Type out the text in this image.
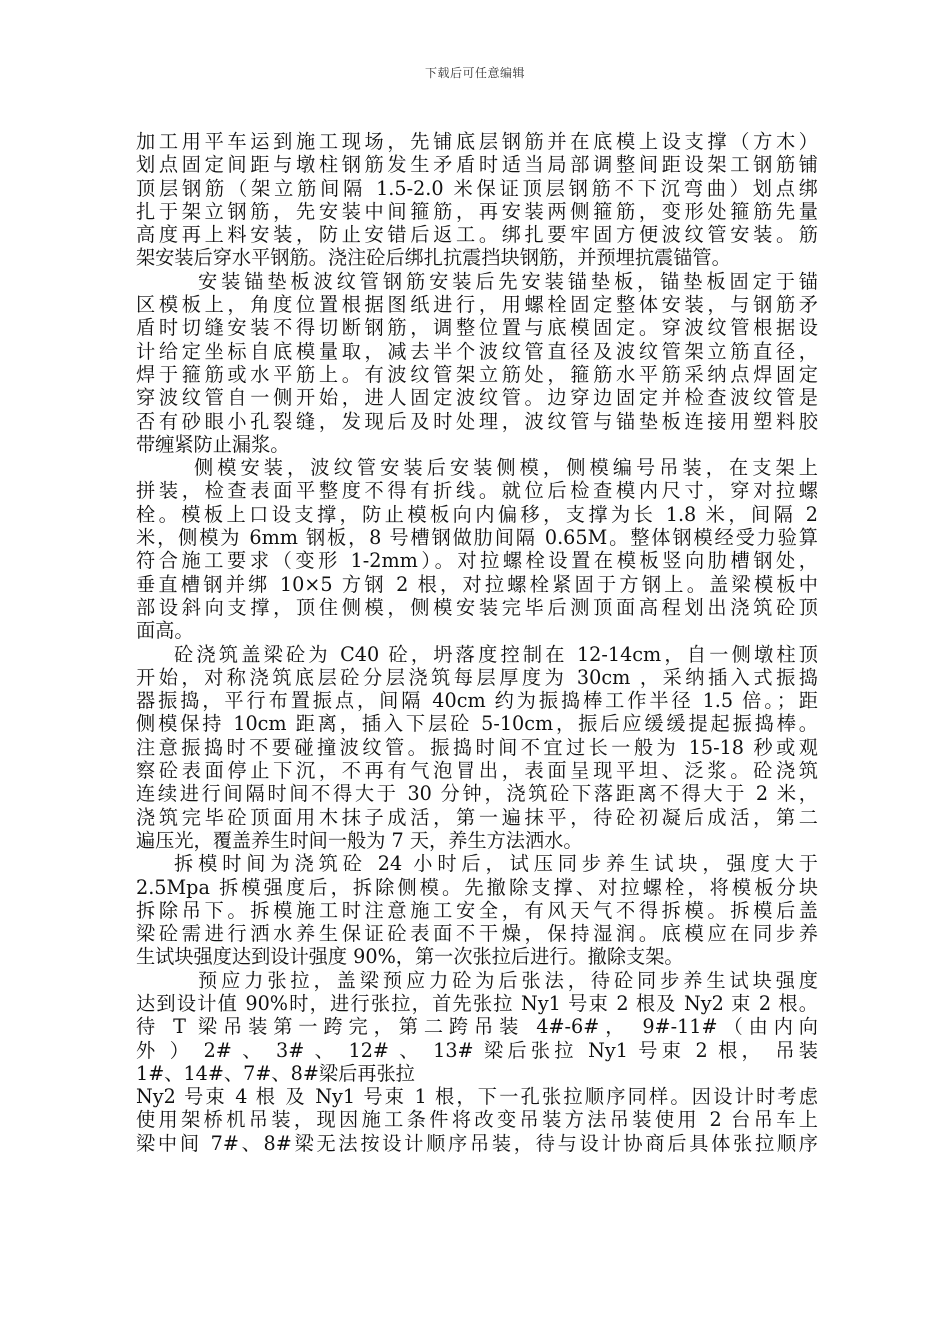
下载后可任意编辑
加工用平车运到施工现场，先铺底层钢筋并在底模上设支撑（方木）
划点固定间距与墩柱钢筋发生矛盾时适当局部调整间距设架工钢筋铺
顶层钢筋（架立筋间隔 1.5-2.0 米保证顶层钢筋不下沉弯曲）划点绑
扎于架立钢筋，先安装中间箍筋，再安装两侧箍筋，变形处箍筋先量
高度再上料安装，防止安错后返工。绑扎要牢固方便波纹管安装。筋
架安装后穿水平钢筋。浇注砼后绑扎抗震挡块钢筋，并预埋抗震锚管。
安装锚垫板波纹管钢筋安装后先安装锚垫板，锚垫板固定于锚
区模板上，角度位置根据图纸进行，用螺栓固定整体安装，与钢筋矛
盾时切缝安装不得切断钢筋，调整位置与底模固定。穿波纹管根据设
计给定坐标自底模量取，减去半个波纹管直径及波纹管架立筋直径，
焊于箍筋或水平筋上。有波纹管架立筋处，箍筋水平筋采纳点焊固定
穿波纹管自一侧开始，进人固定波纹管。边穿边固定并检查波纹管是
否有砂眼小孔裂缝，发现后及时处理，波纹管与锚垫板连接用塑料胶
带缠紧防止漏浆。
侧模安装，波纹管安装后安装侧模，侧模编号吊装，在支架上
拼装，检查表面平整度不得有折线。就位后检查模内尺寸，穿对拉螺
栓。模板上口设支撑，防止模板向内偏移，支撑为长 1.8 米，间隔 2
米，侧模为 6mm 钢板，8 号槽钢做肋间隔 0.65M。整体钢模经受力验算
符合施工要求（变形 1-2mm）。对拉螺栓设置在模板竖向肋槽钢处，
垂直槽钢并绑 10×5 方钢 2 根，对拉螺栓紧固于方钢上。盖梁模板中
部设斜向支撑，顶住侧模，侧模安装完毕后测顶面高程划出浇筑砼顶
面高。
砼浇筑盖梁砼为 C40 砼，坍落度控制在 12-14cm，自一侧墩柱顶
开始，对称浇筑底层砼分层浇筑每层厚度为 30cm ，采纳插入式振捣
器振捣，平行布置振点，间隔 40cm 约为振捣棒工作半径 1.5 倍。；距
侧模保持 10cm 距离，插入下层砼 5-10cm，振后应缓缓提起振捣棒。
注意振捣时不要碰撞波纹管。振捣时间不宜过长一般为 15-18 秒或观
察砼表面停止下沉，不再有气泡冒出，表面呈现平坦、泛浆。砼浇筑
连续进行间隔时间不得大于 30 分钟，浇筑砼下落距离不得大于 2 米，
浇筑完毕砼顶面用木抹子成活，第一遍抹平，待砼初凝后成活，第二
遍压光，覆盖养生时间一般为 7 天，养生方法洒水。
拆模时间为浇筑砼 24 小时后，试压同步养生试块，强度大于
2.5Mpa 拆模强度后，拆除侧模。先撤除支撑、对拉螺栓，将模板分块
拆除吊下。拆模施工时注意施工安全，有风天气不得拆模。拆模后盖
梁砼需进行洒水养生保证砼表面不干燥，保持湿润。底模应在同步养
生试块强度达到设计强度 90%，第一次张拉后进行。撤除支架。
预应力张拉，盖梁预应力砼为后张法，待砼同步养生试块强度
达到设计值 90%时，进行张拉，首先张拉 Ny1 号束 2 根及 Ny2 束 2 根。
待 T 梁吊装第一跨完，第二跨吊装 4#-6#， 9#-11#（由内向
外 ） 2# 、 3# 、 12# 、 13# 梁后张拉 Ny1 号束 2 根， 吊装
1#、14#、7#、8#梁后再张拉
Ny2 号束 4 根 及 Ny1 号束 1 根，下一孔张拉顺序同样。因设计时考虑
使用架桥机吊装，现因施工条件将改变吊装方法吊装使用 2 台吊车上
梁中间 7#、8#梁无法按设计顺序吊装，待与设计协商后具体张拉顺序
